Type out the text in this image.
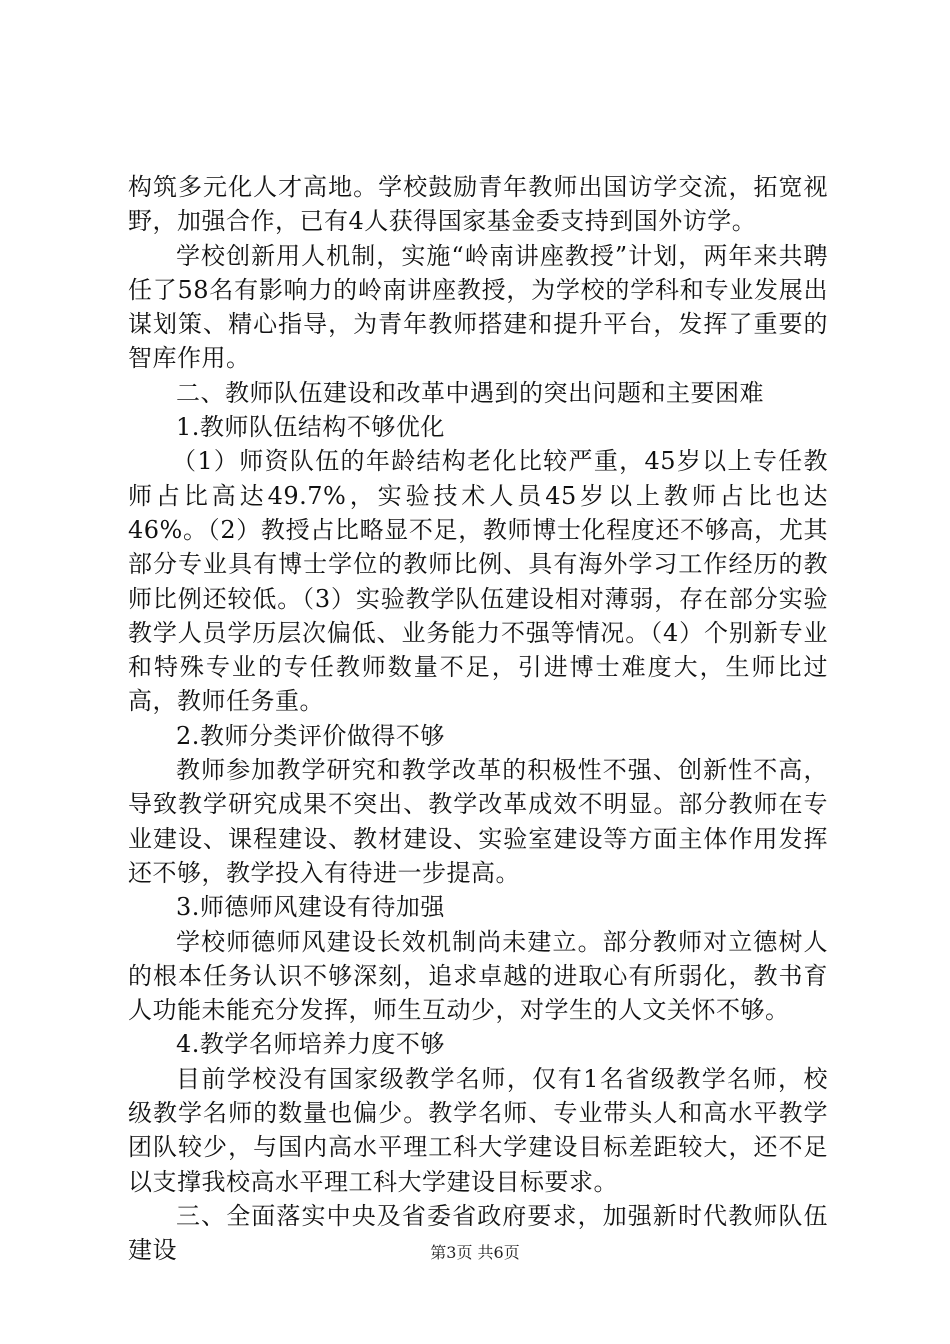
构筑多元化人才高地。学校鼓励青年教师出国访学交流，拓宽视野，加强合作，已有4人获得国家基金委支持到国外访学。

学校创新用人机制，实施“岭南讲座教授”计划，两年来共聘任了58名有影响力的岭南讲座教授，为学校的学科和专业发展出谋划策、精心指导，为青年教师搭建和提升平台，发挥了重要的智库作用。

二、教师队伍建设和改革中遇到的突出问题和主要困难

1.教师队伍结构不够优化

（1）师资队伍的年龄结构老化比较严重，45岁以上专任教师占比高达49.7%，实验技术人员45岁以上教师占比也达46%。（2）教授占比略显不足，教师博士化程度还不够高，尤其部分专业具有博士学位的教师比例、具有海外学习工作经历的教师比例还较低。（3）实验教学队伍建设相对薄弱，存在部分实验教学人员学历层次偏低、业务能力不强等情况。（4）个别新专业和特殊专业的专任教师数量不足，引进博士难度大，生师比过高，教师任务重。

2.教师分类评价做得不够

教师参加教学研究和教学改革的积极性不强、创新性不高，导致教学研究成果不突出、教学改革成效不明显。部分教师在专业建设、课程建设、教材建设、实验室建设等方面主体作用发挥还不够，教学投入有待进一步提高。

3.师德师风建设有待加强

学校师德师风建设长效机制尚未建立。部分教师对立德树人的根本任务认识不够深刻，追求卓越的进取心有所弱化，教书育人功能未能充分发挥，师生互动少，对学生的人文关怀不够。

4.教学名师培养力度不够

目前学校没有国家级教学名师，仅有1名省级教学名师，校级教学名师的数量也偏少。教学名师、专业带头人和高水平教学团队较少，与国内高水平理工科大学建设目标差距较大，还不足以支撑我校高水平理工科大学建设目标要求。

三、全面落实中央及省委省政府要求，加强新时代教师队伍建设	第3页 共6页
